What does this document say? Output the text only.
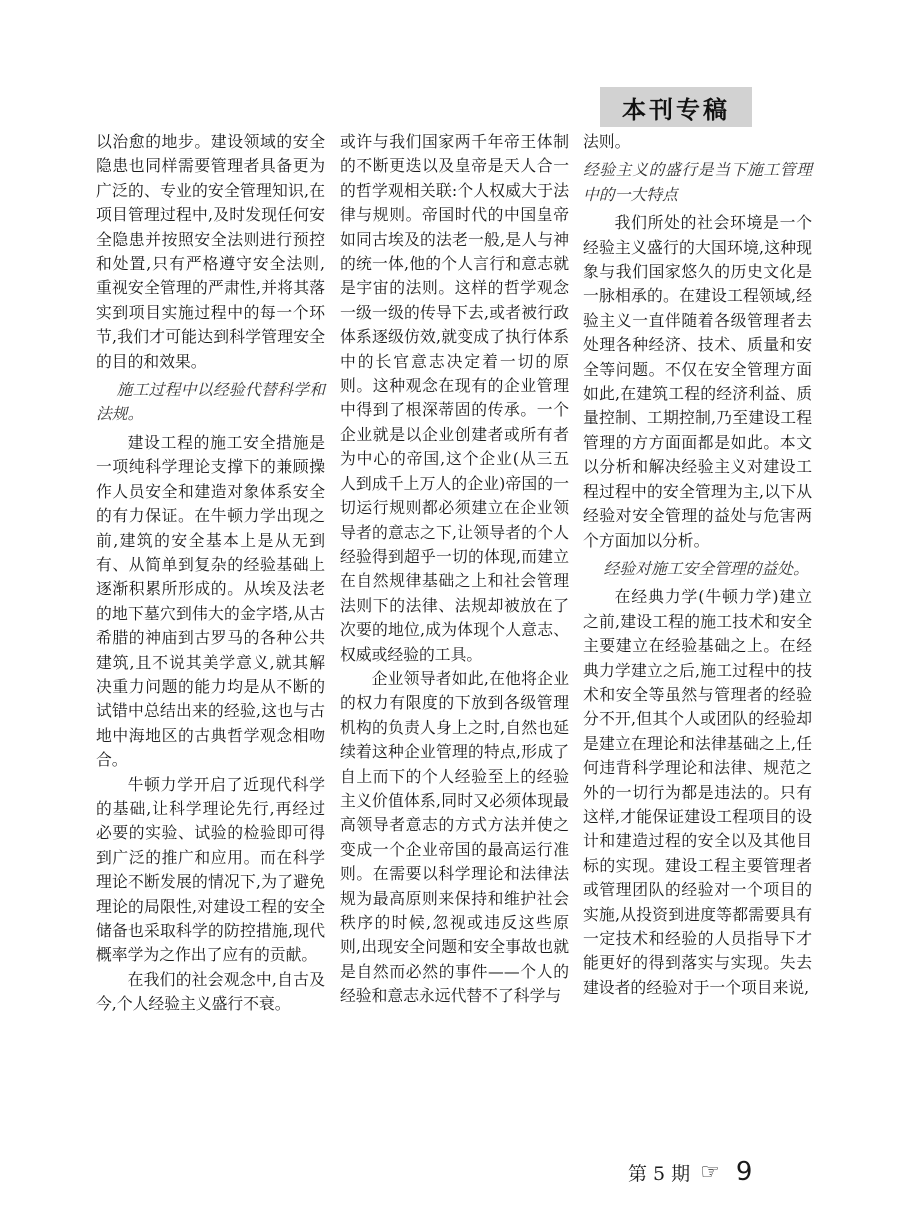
本刊专稿

以治愈的地步。建设领域的安全隐患也同样需要管理者具备更为广泛的、专业的安全管理知识,在项目管理过程中,及时发现任何安全隐患并按照安全法则进行预控和处置,只有严格遵守安全法则,重视安全管理的严肃性,并将其落实到项目实施过程中的每一个环节,我们才可能达到科学管理安全的目的和效果。

施工过程中以经验代替科学和法规。

建设工程的施工安全措施是一项纯科学理论支撑下的兼顾操作人员安全和建造对象体系安全的有力保证。在牛顿力学出现之前,建筑的安全基本上是从无到有、从简单到复杂的经验基础上逐渐积累所形成的。从埃及法老的地下墓穴到伟大的金字塔,从古希腊的神庙到古罗马的各种公共建筑,且不说其美学意义,就其解决重力问题的能力均是从不断的试错中总结出来的经验,这也与古地中海地区的古典哲学观念相吻合。

牛顿力学开启了近现代科学的基础,让科学理论先行,再经过必要的实验、试验的检验即可得到广泛的推广和应用。而在科学理论不断发展的情况下,为了避免理论的局限性,对建设工程的安全储备也采取科学的防控措施,现代概率学为之作出了应有的贡献。

在我们的社会观念中,自古及今,个人经验主义盛行不衰。

或许与我们国家两千年帝王体制的不断更迭以及皇帝是天人合一的哲学观相关联:个人权威大于法律与规则。帝国时代的中国皇帝如同古埃及的法老一般,是人与神的统一体,他的个人言行和意志就是宇宙的法则。这样的哲学观念一级一级的传导下去,或者被行政体系逐级仿效,就变成了执行体系中的长官意志决定着一切的原则。这种观念在现有的企业管理中得到了根深蒂固的传承。一个企业就是以企业创建者或所有者为中心的帝国,这个企业(从三五人到成千上万人的企业)帝国的一切运行规则都必须建立在企业领导者的意志之下,让领导者的个人经验得到超乎一切的体现,而建立在自然规律基础之上和社会管理法则下的法律、法规却被放在了次要的地位,成为体现个人意志、权威或经验的工具。

企业领导者如此,在他将企业的权力有限度的下放到各级管理机构的负责人身上之时,自然也延续着这种企业管理的特点,形成了自上而下的个人经验至上的经验主义价值体系,同时又必须体现最高领导者意志的方式方法并使之变成一个企业帝国的最高运行准则。在需要以科学理论和法律法规为最高原则来保持和维护社会秩序的时候,忽视或违反这些原则,出现安全问题和安全事故也就是自然而必然的事件——个人的经验和意志永远代替不了科学与

法则。

经验主义的盛行是当下施工管理中的一大特点

我们所处的社会环境是一个经验主义盛行的大国环境,这种现象与我们国家悠久的历史文化是一脉相承的。在建设工程领域,经验主义一直伴随着各级管理者去处理各种经济、技术、质量和安全等问题。不仅在安全管理方面如此,在建筑工程的经济利益、质量控制、工期控制,乃至建设工程管理的方方面面都是如此。本文以分析和解决经验主义对建设工程过程中的安全管理为主,以下从经验对安全管理的益处与危害两个方面加以分析。

经验对施工安全管理的益处。

在经典力学(牛顿力学)建立之前,建设工程的施工技术和安全主要建立在经验基础之上。在经典力学建立之后,施工过程中的技术和安全等虽然与管理者的经验分不开,但其个人或团队的经验却是建立在理论和法律基础之上,任何违背科学理论和法律、规范之外的一切行为都是违法的。只有这样,才能保证建设工程项目的设计和建造过程的安全以及其他目标的实现。建设工程主要管理者或管理团队的经验对一个项目的实施,从投资到进度等都需要具有一定技术和经验的人员指导下才能更好的得到落实与实现。失去建设者的经验对于一个项目来说,

第 5 期 ☞ 9
